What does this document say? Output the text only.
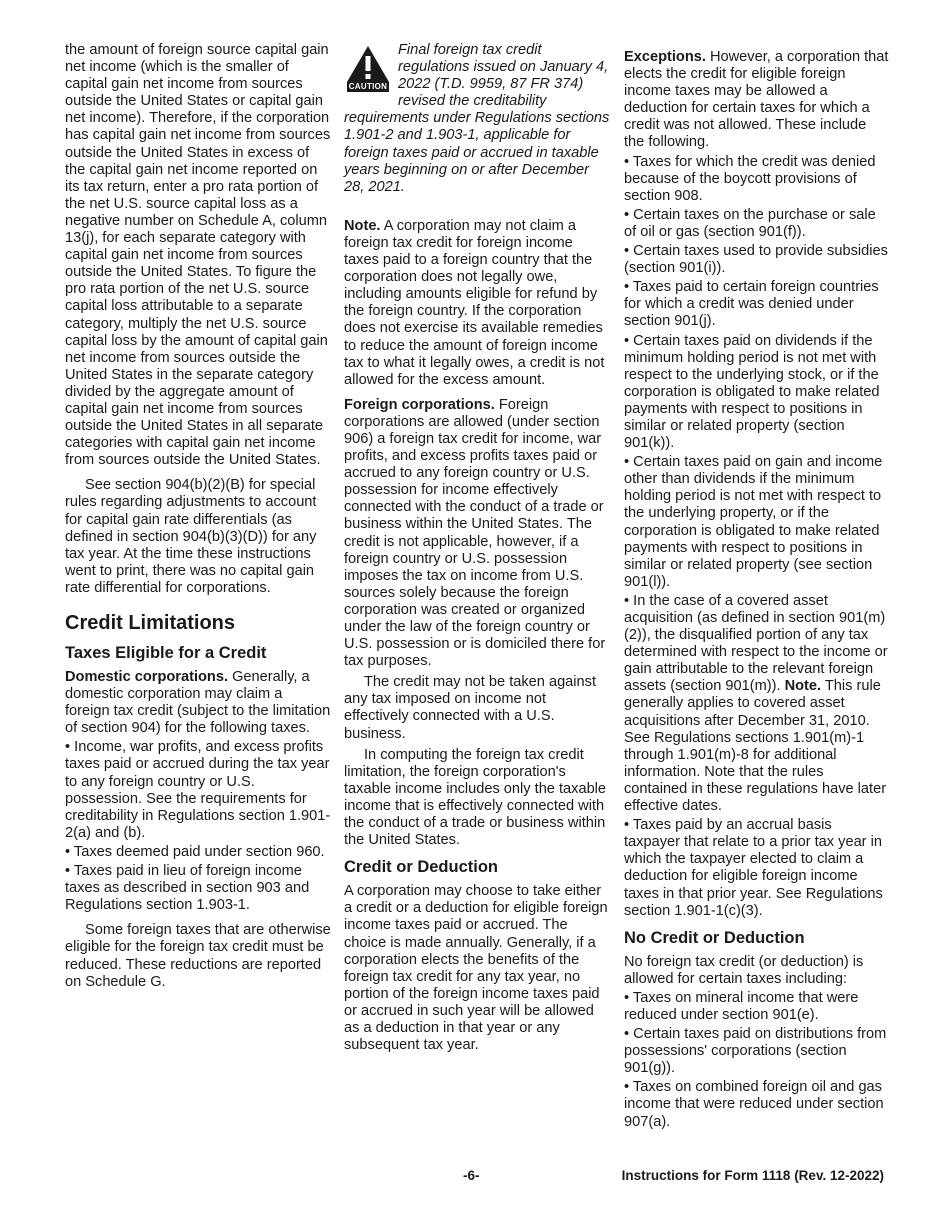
the amount of foreign source capital gain net income (which is the smaller of capital gain net income from sources outside the United States or capital gain net income). Therefore, if the corporation has capital gain net income from sources outside the United States in excess of the capital gain net income reported on its tax return, enter a pro rata portion of the net U.S. source capital loss as a negative number on Schedule A, column 13(j), for each separate category with capital gain net income from sources outside the United States. To figure the pro rata portion of the net U.S. source capital loss attributable to a separate category, multiply the net U.S. source capital loss by the amount of capital gain net income from sources outside the United States in the separate category divided by the aggregate amount of capital gain net income from sources outside the United States in all separate categories with capital gain net income from sources outside the United States.

See section 904(b)(2)(B) for special rules regarding adjustments to account for capital gain rate differentials (as defined in section 904(b)(3)(D)) for any tax year. At the time these instructions went to print, there was no capital gain rate differential for corporations.

Credit Limitations
Taxes Eligible for a Credit

Domestic corporations. Generally, a domestic corporation may claim a foreign tax credit (subject to the limitation of section 904) for the following taxes.

• Income, war profits, and excess profits taxes paid or accrued during the tax year to any foreign country or U.S. possession. See the requirements for creditability in Regulations section 1.901-2(a) and (b).
• Taxes deemed paid under section 960.
• Taxes paid in lieu of foreign income taxes as described in section 903 and Regulations section 1.903-1.

Some foreign taxes that are otherwise eligible for the foreign tax credit must be reduced. These reductions are reported on Schedule G.

CAUTION
Final foreign tax credit regulations issued on January 4, 2022 (T.D. 9959, 87 FR 374) revised the creditability requirements under Regulations sections 1.901-2 and 1.903-1, applicable for foreign taxes paid or accrued in taxable years beginning on or after December 28, 2021.

Note. A corporation may not claim a foreign tax credit for foreign income taxes paid to a foreign country that the corporation does not legally owe, including amounts eligible for refund by the foreign country. If the corporation does not exercise its available remedies to reduce the amount of foreign income tax to what it legally owes, a credit is not allowed for the excess amount.

Foreign corporations. Foreign corporations are allowed (under section 906) a foreign tax credit for income, war profits, and excess profits taxes paid or accrued to any foreign country or U.S. possession for income effectively connected with the conduct of a trade or business within the United States. The credit is not applicable, however, if a foreign country or U.S. possession imposes the tax on income from U.S. sources solely because the foreign corporation was created or organized under the law of the foreign country or U.S. possession or is domiciled there for tax purposes.

The credit may not be taken against any tax imposed on income not effectively connected with a U.S. business.

In computing the foreign tax credit limitation, the foreign corporation's taxable income includes only the taxable income that is effectively connected with the conduct of a trade or business within the United States.

Credit or Deduction

A corporation may choose to take either a credit or a deduction for eligible foreign income taxes paid or accrued. The choice is made annually. Generally, if a corporation elects the benefits of the foreign tax credit for any tax year, no portion of the foreign income taxes paid or accrued in such year will be allowed as a deduction in that year or any subsequent tax year.

Exceptions. However, a corporation that elects the credit for eligible foreign income taxes may be allowed a deduction for certain taxes for which a credit was not allowed. These include the following.

• Taxes for which the credit was denied because of the boycott provisions of section 908.
• Certain taxes on the purchase or sale of oil or gas (section 901(f)).
• Certain taxes used to provide subsidies (section 901(i)).
• Taxes paid to certain foreign countries for which a credit was denied under section 901(j).
• Certain taxes paid on dividends if the minimum holding period is not met with respect to the underlying stock, or if the corporation is obligated to make related payments with respect to positions in similar or related property (section 901(k)).
• Certain taxes paid on gain and income other than dividends if the minimum holding period is not met with respect to the underlying property, or if the corporation is obligated to make related payments with respect to positions in similar or related property (see section 901(l)).
• In the case of a covered asset acquisition (as defined in section 901(m)(2)), the disqualified portion of any tax determined with respect to the income or gain attributable to the relevant foreign assets (section 901(m)). Note. This rule generally applies to covered asset acquisitions after December 31, 2010. See Regulations sections 1.901(m)-1 through 1.901(m)-8 for additional information. Note that the rules contained in these regulations have later effective dates.
• Taxes paid by an accrual basis taxpayer that relate to a prior tax year in which the taxpayer elected to claim a deduction for eligible foreign income taxes in that prior year. See Regulations section 1.901-1(c)(3).
No Credit or Deduction

No foreign tax credit (or deduction) is allowed for certain taxes including:

• Taxes on mineral income that were reduced under section 901(e).
• Certain taxes paid on distributions from possessions' corporations (section 901(g)).
• Taxes on combined foreign oil and gas income that were reduced under section 907(a).
-6-	Instructions for Form 1118 (Rev. 12-2022)
